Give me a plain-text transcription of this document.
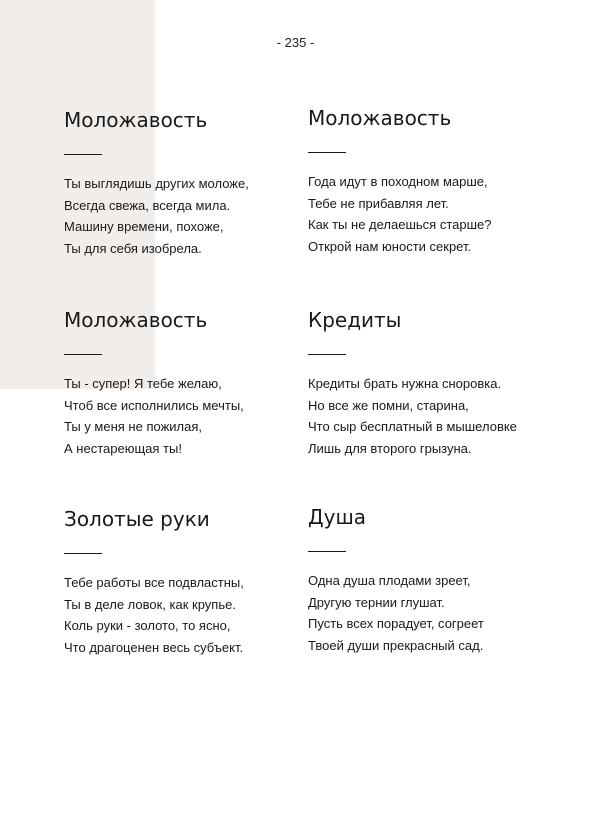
- 235 -
Моложавость
Ты выглядишь других моложе,
Всегда свежа, всегда мила.
Машину времени, похоже,
Ты для себя изобрела.
Моложавость
Года идут в походном марше,
Тебе не прибавляя лет.
Как ты не делаешься старше?
Открой нам юности секрет.
Моложавость
Ты - супер! Я тебе желаю,
Чтоб все исполнились мечты,
Ты у меня не пожилая,
А нестареющая ты!
Кредиты
Кредиты брать нужна сноровка.
Но все же помни, старина,
Что сыр бесплатный в мышеловке
Лишь для второго грызуна.
Золотые руки
Тебе работы все подвластны,
Ты в деле ловок, как крупье.
Коль руки - золото, то ясно,
Что драгоценен весь субъект.
Душа
Одна душа плодами зреет,
Другую тернии глушат.
Пусть всех порадует, согреет
Твоей души прекрасный сад.
